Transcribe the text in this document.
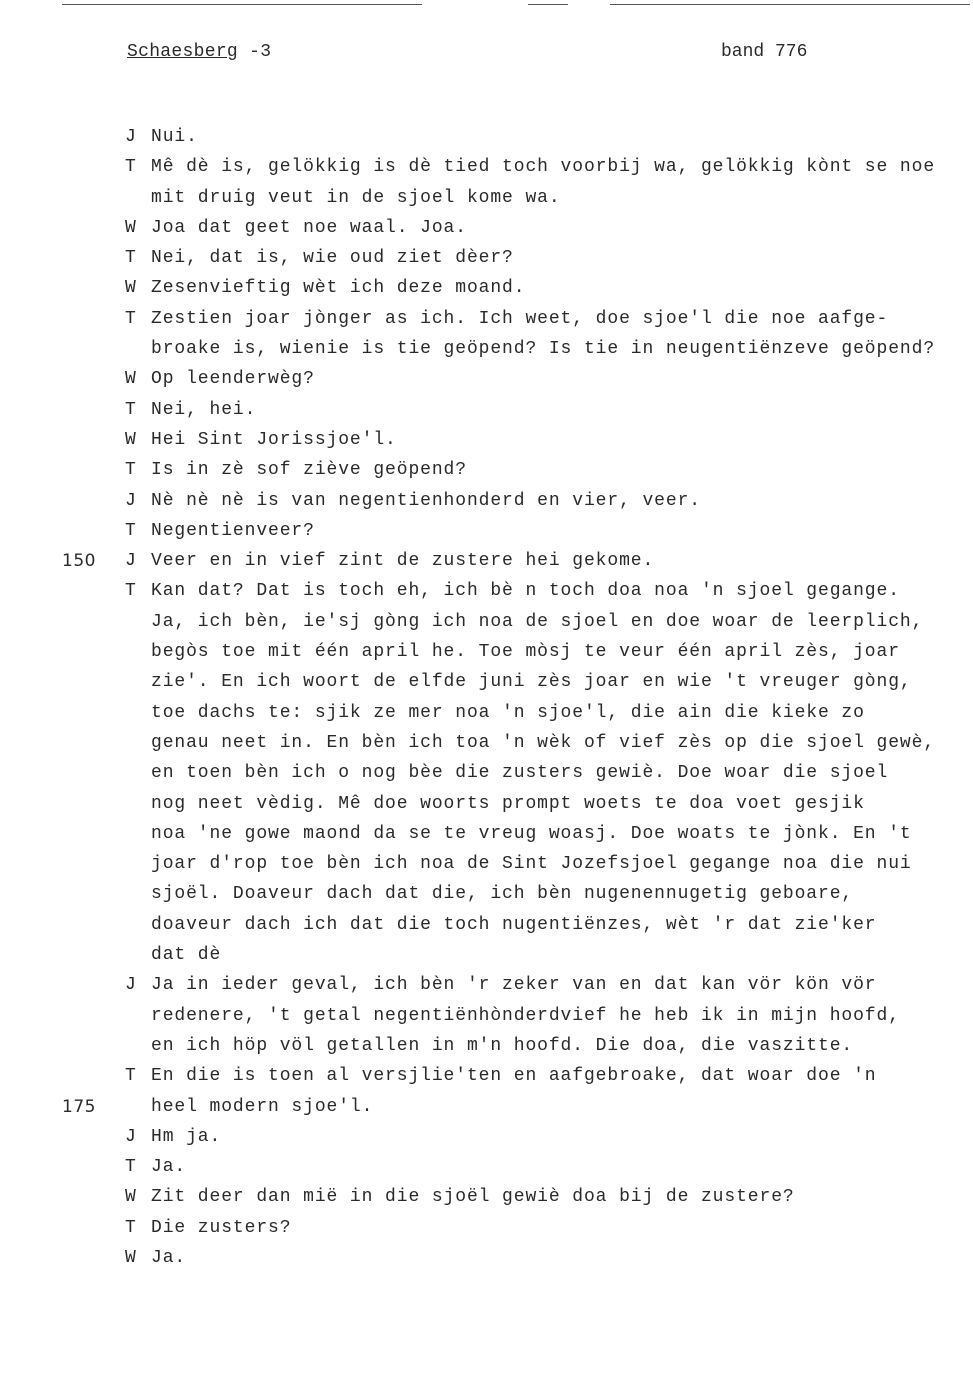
Schaesberg -3	band 776
J Nui.
T Mê dè is, gelökkig is dè tied toch voorbij wa, gelökkig kònt se noe
mit druig veut in de sjoel kome wa.
W Joa dat geet noe waal. Joa.
T Nei, dat is, wie oud ziet dèer?
W Zesenvieftig wèt ich deze moand.
T Zestien joar jònger as ich. Ich weet, doe sjoe'l die noe aafge-
broake is, wienie is tie geöpend? Is tie in neugentiënzeve geöpend?
W Op leenderwèg?
T Nei, hei.
W Hei Sint Jorissjoe'l.
T Is in zè sof ziève geöpend?
J Nè nè nè is van negentienhonderd en vier, veer.
T Negentienveer?
150 J Veer en in vief zint de zustere hei gekome.
T Kan dat? Dat is toch eh, ich bè n toch doa noa 'n sjoel gegange.
Ja, ich bèn, ie'sj gòng ich noa de sjoel en doe woar de leerplich,
begòs toe mit één april he. Toe mòsj te veur één april zès, joar
zie'. En ich woort de elfde juni zès joar en wie 't vreuger gòng,
toe dachs te: sjik ze mer noa 'n sjoe'l, die ain die kieke zo
genau neet in. En bèn ich toa 'n wèk of vief zès op die sjoel gewè,
en toen bèn ich o nog bèe die zusters gewiè. Doe woar die sjoel
nog neet vèdig. Mê doe woorts prompt woets te doa voet gesjik
noa 'ne gowe maond da se te vreug woasj. Doe woats te jònk. En 't
joar d'rop toe bèn ich noa de Sint Jozefsjoel gegange noa die nui
sjoël. Doaveur dach dat die, ich bèn nugenennugetig geboare,
doaveur dach ich dat die toch nugentiënzes, wèt 'r dat zie'ker
dat dè
J Ja in ieder geval, ich bèn 'r zeker van en dat kan vör kön vör
redenere, 't getal negentiënhònderdvief he heb ik in mijn hoofd,
en ich höp völ getallen in m'n hoofd. Die doa, die vaszitte.
T En die is toen al versjlie'ten en aafgebroake, dat woar doe 'n
175	heel modern sjoe'l.
J Hm ja.
T Ja.
W Zit deer dan mië in die sjoël gewiè doa bij de zustere?
T Die zusters?
W Ja.
